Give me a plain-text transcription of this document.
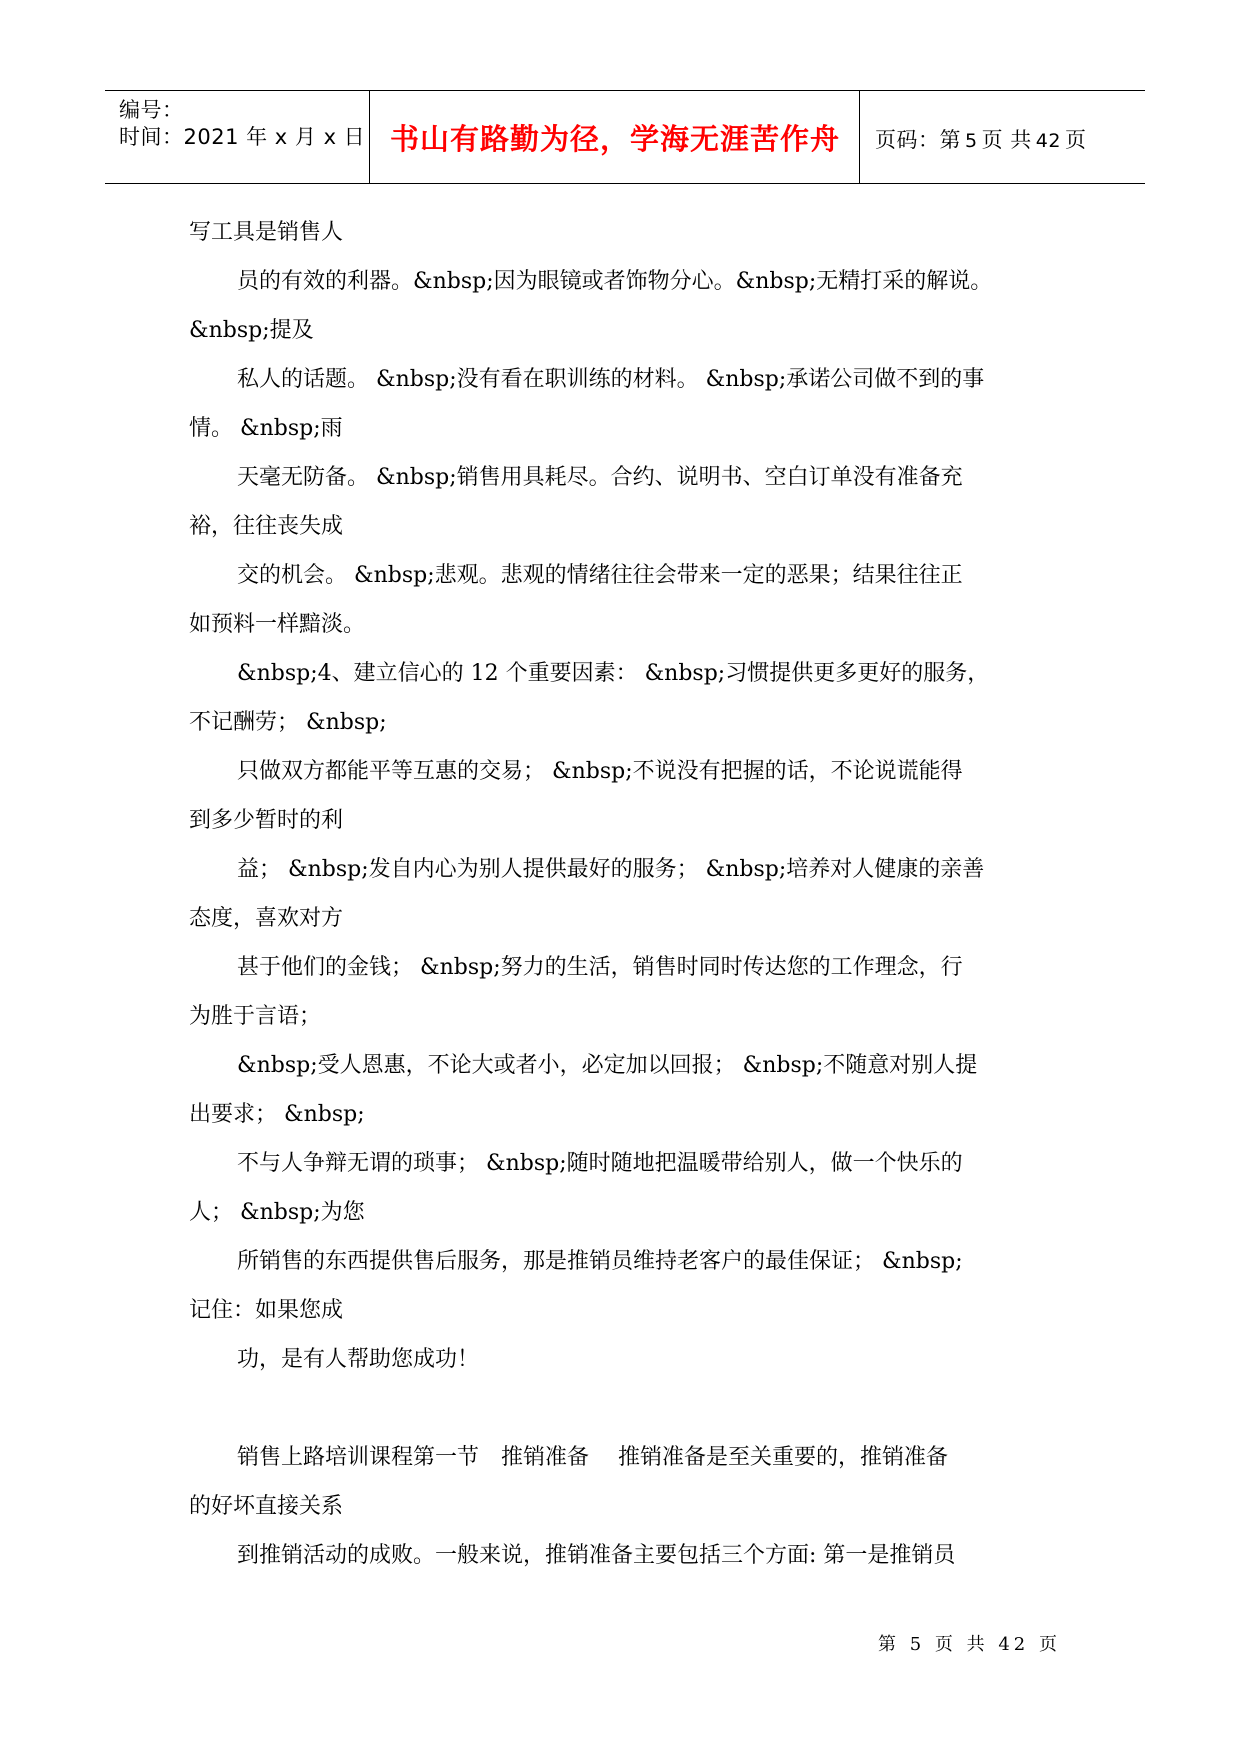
编号：
时间：2021 年 x 月 x 日 书山有路勤为径，学海无涯苦作舟	页码：第 5 页 共 42 页
写工具是销售人
员的有效的利器。&nbsp;因为眼镜或者饰物分心。&nbsp;无精打采的解说。
&nbsp;提及
私人的话题。 &nbsp;没有看在职训练的材料。 &nbsp;承诺公司做不到的事
情。 &nbsp;雨
天毫无防备。 &nbsp;销售用具耗尽。合约、说明书、空白订单没有准备充
裕，往往丧失成
交的机会。 &nbsp;悲观。悲观的情绪往往会带来一定的恶果；结果往往正
如预料一样黯淡。
&nbsp;4、建立信心的 12 个重要因素： &nbsp;习惯提供更多更好的服务，
不记酬劳； &nbsp;
只做双方都能平等互惠的交易； &nbsp;不说没有把握的话，不论说谎能得
到多少暂时的利
益； &nbsp;发自内心为别人提供最好的服务； &nbsp;培养对人健康的亲善
态度，喜欢对方
甚于他们的金钱； &nbsp;努力的生活，销售时同时传达您的工作理念，行
为胜于言语；
&nbsp;受人恩惠，不论大或者小，必定加以回报； &nbsp;不随意对别人提
出要求； &nbsp;
不与人争辩无谓的琐事； &nbsp;随时随地把温暖带给别人，做一个快乐的
人； &nbsp;为您
所销售的东西提供售后服务，那是推销员维持老客户的最佳保证； &nbsp;
记住：如果您成
功，是有人帮助您成功！
销售上路培训课程第一节　推销准备　 推销准备是至关重要的，推销准备
的好坏直接关系
到推销活动的成败。一般来说，推销准备主要包括三个方面: 第一是推销员
第 5 页 共 42 页
